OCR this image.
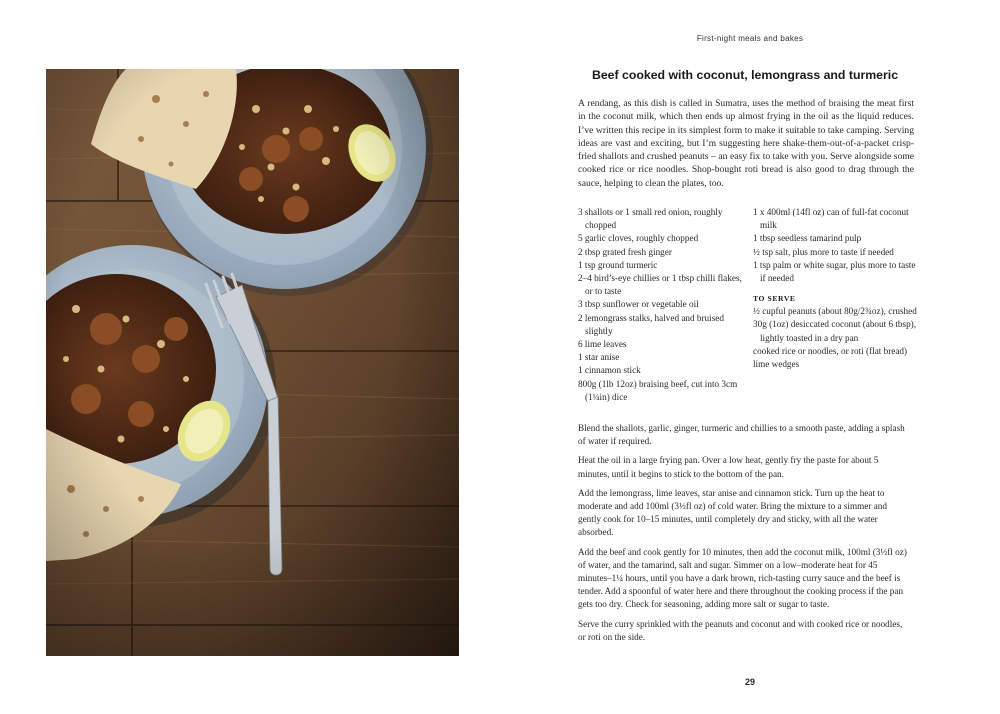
First-night meals and bakes
Beef cooked with coconut, lemongrass and turmeric

A rendang, as this dish is called in Sumatra, uses the method of braising the meat first in the coconut milk, which then ends up almost frying in the oil as the liquid reduces. I’ve written this recipe in its simplest form to make it suitable to take camping. Serving ideas are vast and exciting, but I’m suggesting here shake-them-out-of-a-packet crisp-fried shallots and crushed peanuts – an easy fix to take with you. Serve alongside some cooked rice or rice noodles. Shop-bought roti bread is also good to drag through the sauce, helping to clean the plates, too.

3 shallots or 1 small red onion, roughly chopped
5 garlic cloves, roughly chopped
2 tbsp grated fresh ginger
1 tsp ground turmeric
2–4 bird’s-eye chillies or 1 tbsp chilli flakes, or to taste
3 tbsp sunflower or vegetable oil
2 lemongrass stalks, halved and bruised slightly
6 lime leaves
1 star anise
1 cinnamon stick
800g (1lb 12oz) braising beef, cut into 3cm (1¼in) dice
1 x 400ml (14fl oz) can of full-fat coconut milk
1 tbsp seedless tamarind pulp
½ tsp salt, plus more to taste if needed
1 tsp palm or white sugar, plus more to taste if needed
TO SERVE
½ cupful peanuts (about 80g/2¾oz), crushed
30g (1oz) desiccated coconut (about 6 tbsp), lightly toasted in a dry pan
cooked rice or noodles, or roti (flat bread)
lime wedges

Blend the shallots, garlic, ginger, turmeric and chillies to a smooth paste, adding a splash of water if required.

Heat the oil in a large frying pan. Over a low heat, gently fry the paste for about 5 minutes, until it begins to stick to the bottom of the pan.

Add the lemongrass, lime leaves, star anise and cinnamon stick. Turn up the heat to moderate and add 100ml (3½fl oz) of cold water. Bring the mixture to a simmer and gently cook for 10–15 minutes, until completely dry and sticky, with all the water absorbed.

Add the beef and cook gently for 10 minutes, then add the coconut milk, 100ml (3½fl oz) of water, and the tamarind, salt and sugar. Simmer on a low–moderate heat for 45 minutes–1¼ hours, until you have a dark brown, rich-tasting curry sauce and the beef is tender. Add a spoonful of water here and there throughout the cooking process if the pan gets too dry. Check for seasoning, adding more salt or sugar to taste.

Serve the curry sprinkled with the peanuts and coconut and with cooked rice or noodles, or roti on the side.

29
